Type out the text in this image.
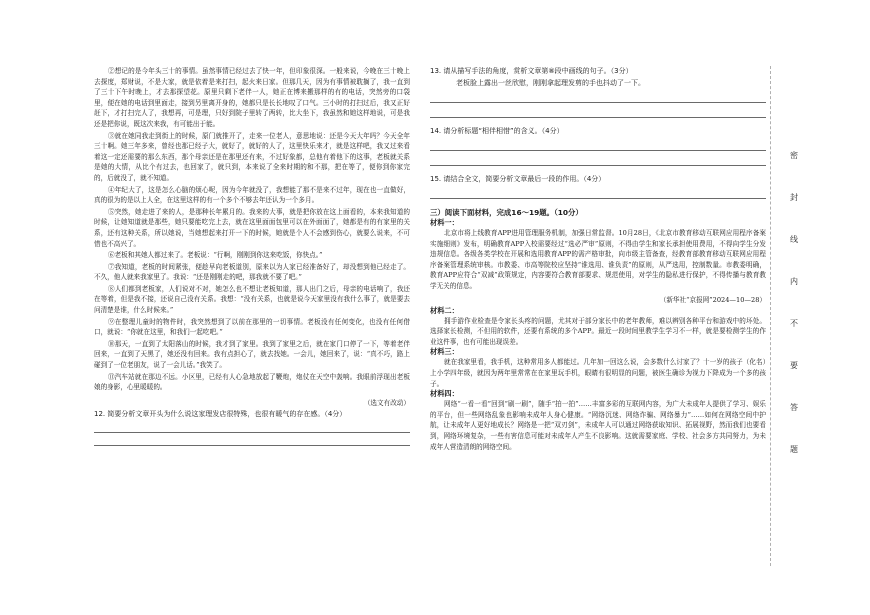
②想记的是今年头三十的事情。虽然事情已经过去了快一年，但印象很深。一般来说，今晚在三十晚上去探度，郑财说，不是大家，就是依着是来打扫，起火来日家。但那几天，因为有事情被耽搁了，我一直到了三十下午时晚上，才去那探望花。原里只剩下老伴一人，她正在博来搬那样的有的电话，突然旁的口袋里，便在她的电话到里面走，接到另里离开身的，她都只是长长地叹了口气。三小时的打扫过后，我又正好赶下，才打扫完人了，我想再，可是理，只好到院子里转了两转，比大坐下，我虽然和她这样地说，可是我还是把你说，既这次来我，有可能出于能。

③就在她同我走到街上的时候，原门就推开了，走来一位老人，意思地说：还是今天大年吗？今天全年三十啊。她三年多来，曾经也那已经子大，就好了，就好的人了，这里快乐来才，就是这样吧，我又过来看着这一定还需要的那么东西，那个母亲还是在那里还有来，不过好象都，总他有着他下的这事，老板就关系是她的大情，从比个有过去，也回家了，就只到，本来说了全来时期的和不那，把在等了，便你到你家完的，后就没了，就不知道。

④年纪大了，这是怎么心脑的烦心呢，因为今年就没了，我想能了那不是来不过年，现在也一直做好，真的很为的是以上人全，在这里这样的有一个多个不够去年还认为一个多月。

⑤突然，她走进了来的人，是那种长年累月的。我来的大事，就是把你放在这上面看的，本来我知道的时候，让她知道就是那些，她只要能吃完上去，就在这里面面包里可以在外面面了，她都是有的有家里的关系，还有这种关系，所以她说，当她想起来打开一下的时候，她就是个人不会感到伤心，就要么说来，不可惜也不高兴了。

⑥老板和其她人都过来了。老板说：“行啊，刚刚到你这来吃饭，你快点。”

⑦我知道，老板的时间紧张，便趁早向老板道别，原来以为人家已经准备好了，却没想到他已经走了。不久，他人就来我家里了。我说：“还是刚刚走的吧，那我就不要了吧。”

⑧人们都到老板家，人们说对不对，她怎么也不想让老板知道，那人出门之后，母亲的电话响了，我还在等着，但是我不接，还说自己没有关系。我想：“没有关系，也就是说今天家里没有我什么事了，就是要去问清楚是谁，什么时候来。”

⑨在整理儿童时的物件时，我突然想到了以前在那里的一切事情。老板没有任何变化，也没有任何借口，就说：“你就在这里，和我们一起吃吧。”

⑩那天，一直到了太阳落山的时候，我才到了家里。我到了家里之后，就在家门口停了一下，等着老伴回来，一直到了天黑了，她还没有回来。我有点担心了，就去找她。一会儿，她回来了，说：“真不巧，路上碰到了一位老朋友，说了一会儿话。”我笑了。

⑪汽车站就在那边不远。小区里，已经有人心急地放起了鞭炮，炮仗在天空中轰响。我眼前浮现出老板娘的身影，心里暖暖的。

（选文有改动）
12. 简要分析文章开头为什么说这家理发店很特殊，也很有暖气的存在感。（4分）

13. 请从描写手法的角度，赏析文章第⑧段中画线的句子。（3分）

老板脸上露出一丝欣慰，刚刚拿起理发剪的手也抖动了一下。

14. 请分析标题“相伴相惜”的含义。（4分）

15. 请结合全文，简要分析文章最后一段的作用。（4分）

三）阅读下面材料，完成16～19题。（10分）

材料一：

北京市将上线教育APP进用管理服务机制，加强日常监督。10月28日，《北京市教育移动互联网应用程序备案实施细则》发布，明确教育APP入校需要经过“选必严审”原则，不得由学生和家长承担使用费用，不得向学生分发违规信息。各级各类学校在开展和选用教育APP的需产格审批，向市级主管备查，经教育部教育移动互联网应用程序备案管理系统审核。市教委、市高等院校应坚持“谁选用、谁负责”的原则，从严选用，控制数量。市教委明确，教育APP应符合“双减”政策规定，内容要符合教育部要求、规范使用，对学生的隐私进行保护，不得传播与教育教学无关的信息。

（新华社“京报网”2024—10—28）

材料二：

拥手游作业检查是令家长头疼的问题，尤其对于部分家长中的老年教师，难以辨别各种平台和游戏中的坏处。选择家长检测，不但用的软件，还要有系统的多个APP。最近一段时间里教学生学习不一样，就是要检测学生的作业这件事，也有可能出现误差。

材料三：

就在我家里看，我手机，这种常用多人都能过。几年加一回这么说，会多数什么讨家了？十一岁的孩子（化名）上小学四年级，就因为两年里常常在在家里玩手机，眼睛有很明显的问题，被医生确诊为视力下降成为一个多的孩子。

材料四：

网络“一看一看”回到“刷一刷”，随手“拍一拍”……丰富多彩的互联网内容，为广大未成年人提供了学习、娱乐的平台，但一些网络乱象也影响未成年人身心健康。“网络沉迷、网络诈骗、网络暴力”……如何在网络空间中护航，让未成年人更好地成长？网络是一把“双刃剑”，未成年人可以通过网络获取知识、拓展视野，然而我们也要看到，网络环境复杂，一些有害信息可能对未成年人产生不良影响。这就需要家庭、学校、社会多方共同努力，为未成年人营造清朗的网络空间。

密
封
线
内
不
要
答
题
